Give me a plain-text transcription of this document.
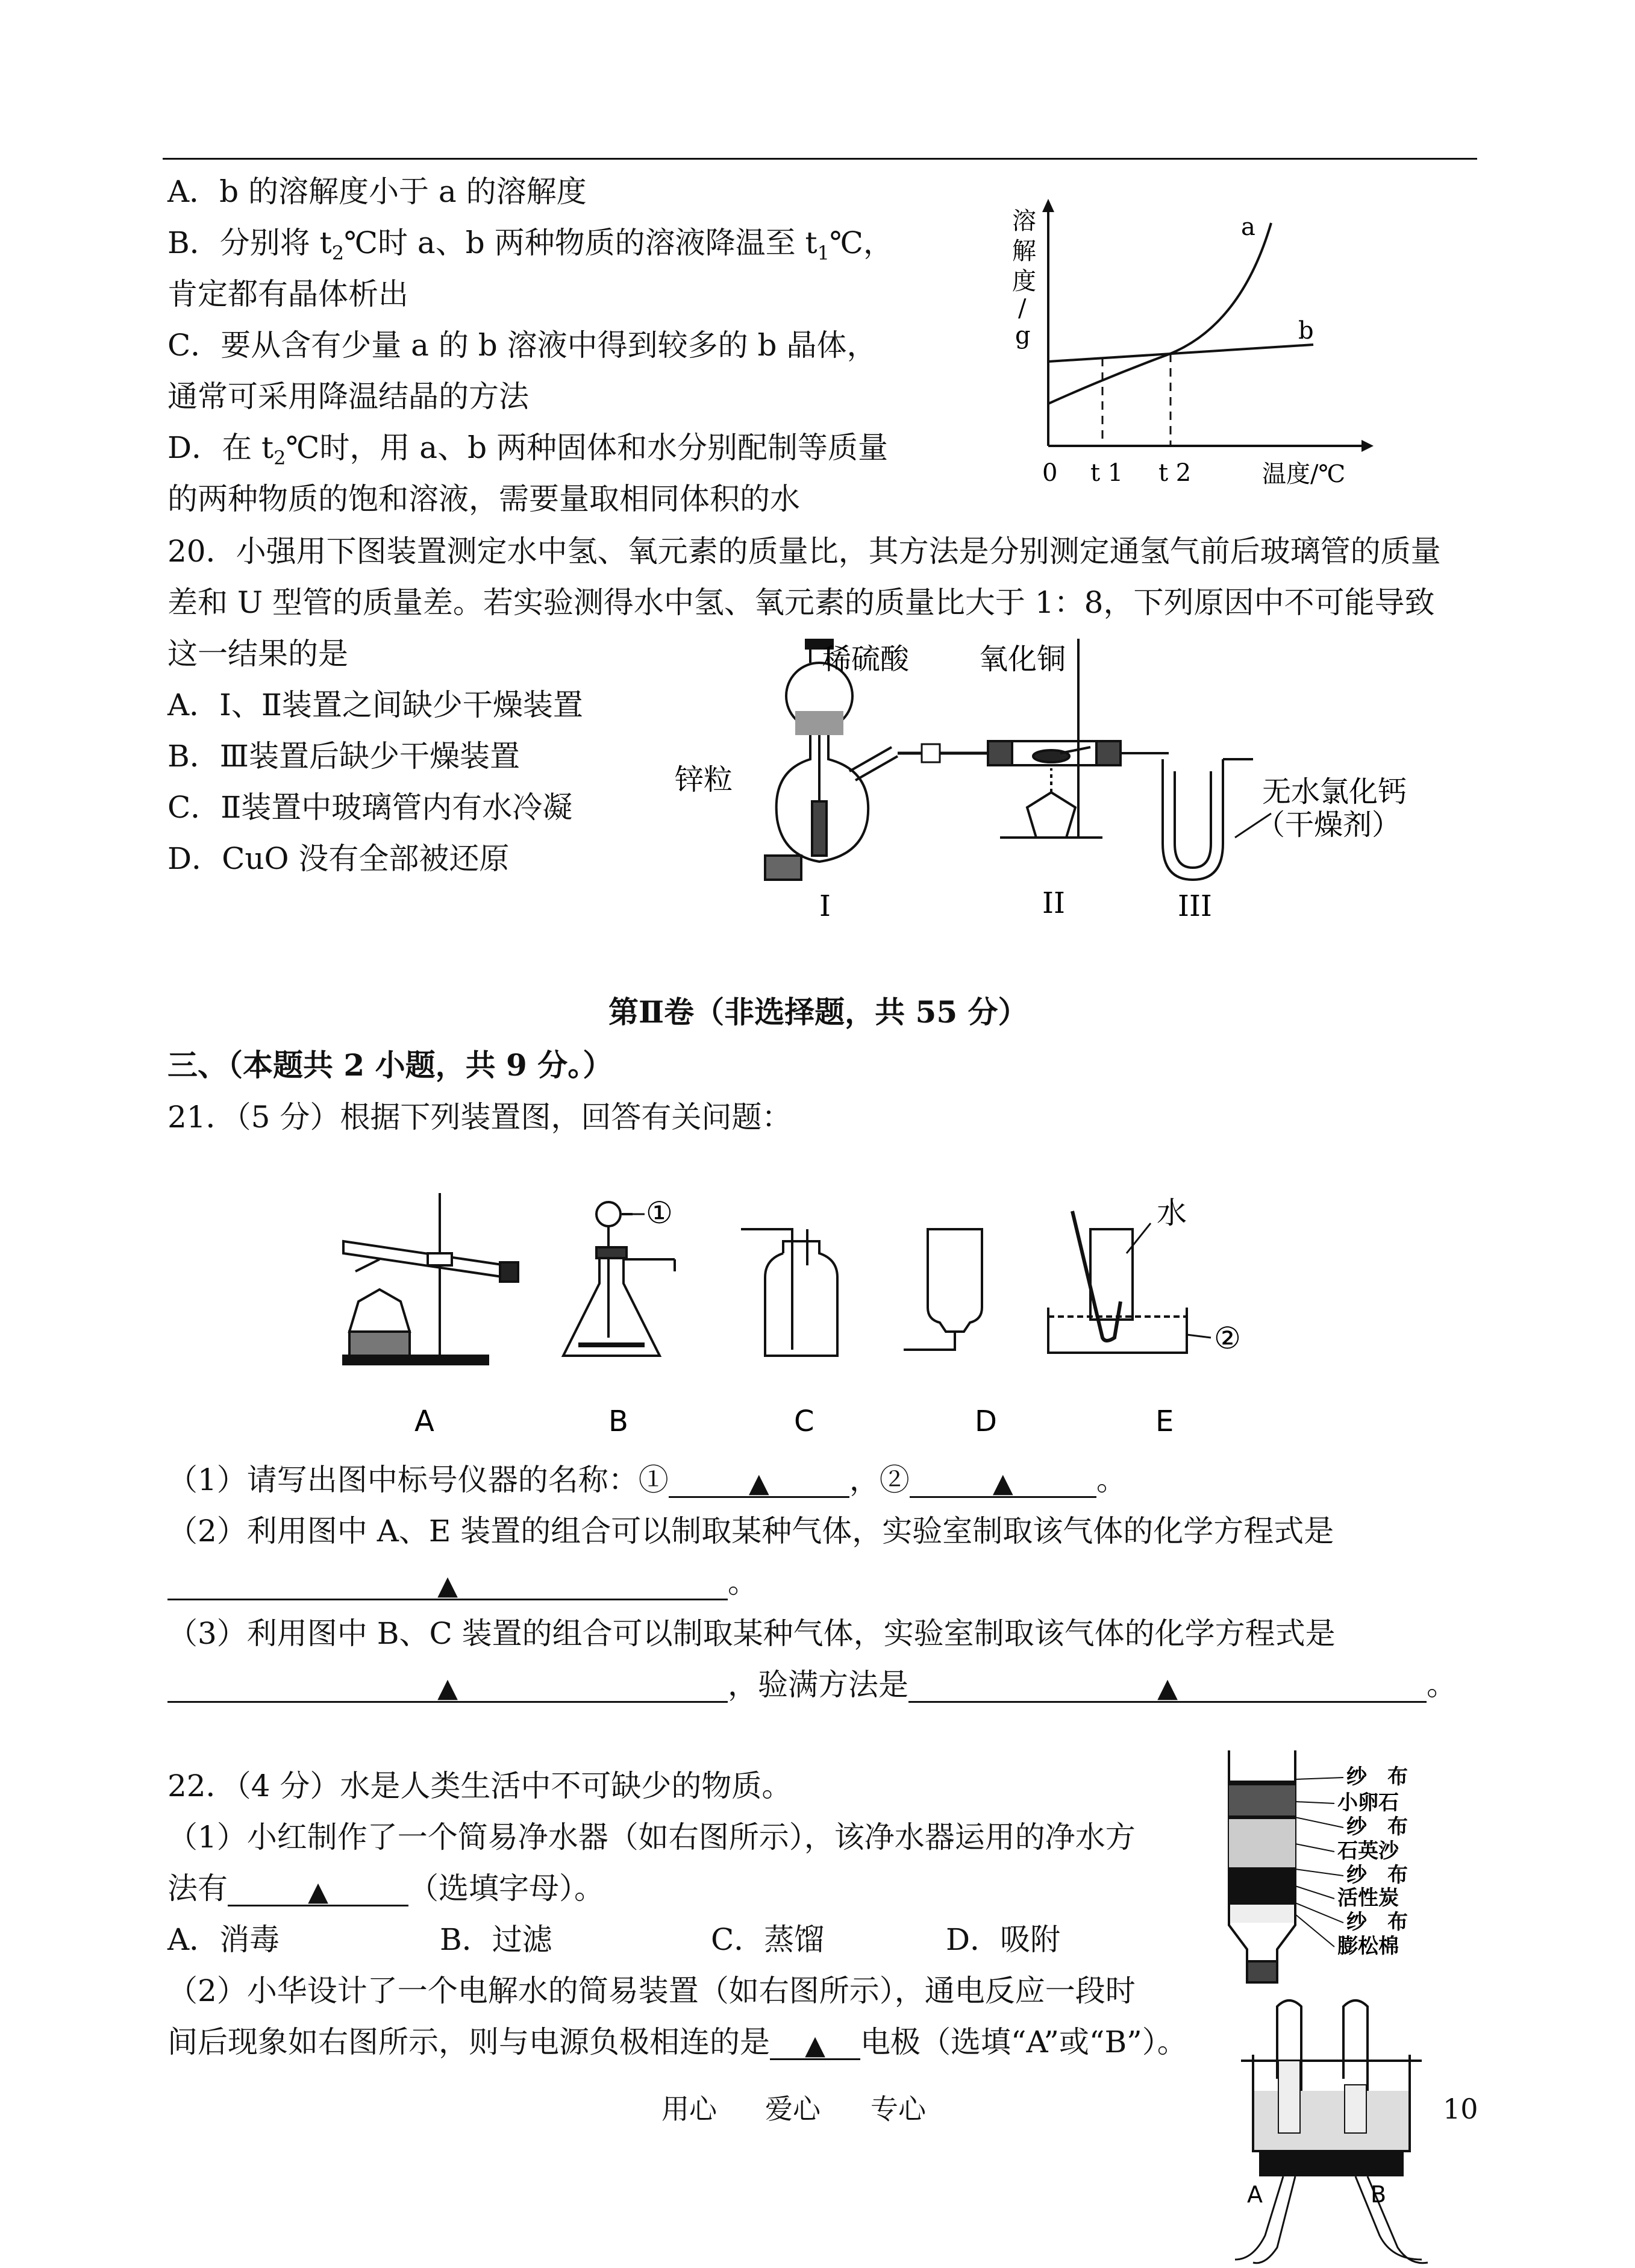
A．b 的溶解度小于 a 的溶解度
B．分别将 $t_2℃$时 a、b 两种物质的溶液降温至 $t_1℃$，
肯定都有晶体析出
C．要从含有少量 a 的 b 溶液中得到较多的 b 晶体，
通常可采用降温结晶的方法
D．在 $t_2℃$时，用 a、b 两种固体和水分别配制等质量
的两种物质的饱和溶液，需要量取相同体积的水
溶
解
度
/
g
a
b
0 t 1 t 2	温度/℃
20．小强用下图装置测定水中氢、氧元素的质量比，其方法是分别测定通氢气前后玻璃管的质量
差和 U 型管的质量差。若实验测得水中氢、氧元素的质量比大于 1：8，下列原因中不可能导致
这一结果的是
A．Ⅰ、Ⅱ装置之间缺少干燥装置
B．Ⅲ装置后缺少干燥装置
C．Ⅱ装置中玻璃管内有水冷凝
D．CuO 没有全部被还原
稀硫酸 氧化铜
锌粒	无水氯化钙
（干燥剂）
I	II	III
第Ⅱ卷（非选择题，共 55 分）
三、（本题共 2 小题，共 9 分。）
21．（5 分）根据下列装置图，回答有关问题：
①	水
②
A	B	C	D	E
（1）请写出图中标号仪器的名称：①	▲	，②	▲	。
（2）利用图中 A、E 装置的组合可以制取某种气体，实验室制取该气体的化学方程式是
▲	。
（3）利用图中 B、C 装置的组合可以制取某种气体，实验室制取该气体的化学方程式是
▲	，验满方法是	▲	。
22．（4 分）水是人类生活中不可缺少的物质。
（1）小红制作了一个简易净水器（如右图所示），该净水器运用的净水方
法有	▲	（选填字母）。
A．消毒	B．过滤	C．蒸馏	D．吸附
（2）小华设计了一个电解水的简易装置（如右图所示），通电反应一段时
间后现象如右图所示，则与电源负极相连的是 ▲ 电极（选填“A”或“B”）。
纱　布
小卵石
纱　布
石英沙
纱　布
活性炭
纱　布
膨松棉
A	B
用心 爱心 专心	10
